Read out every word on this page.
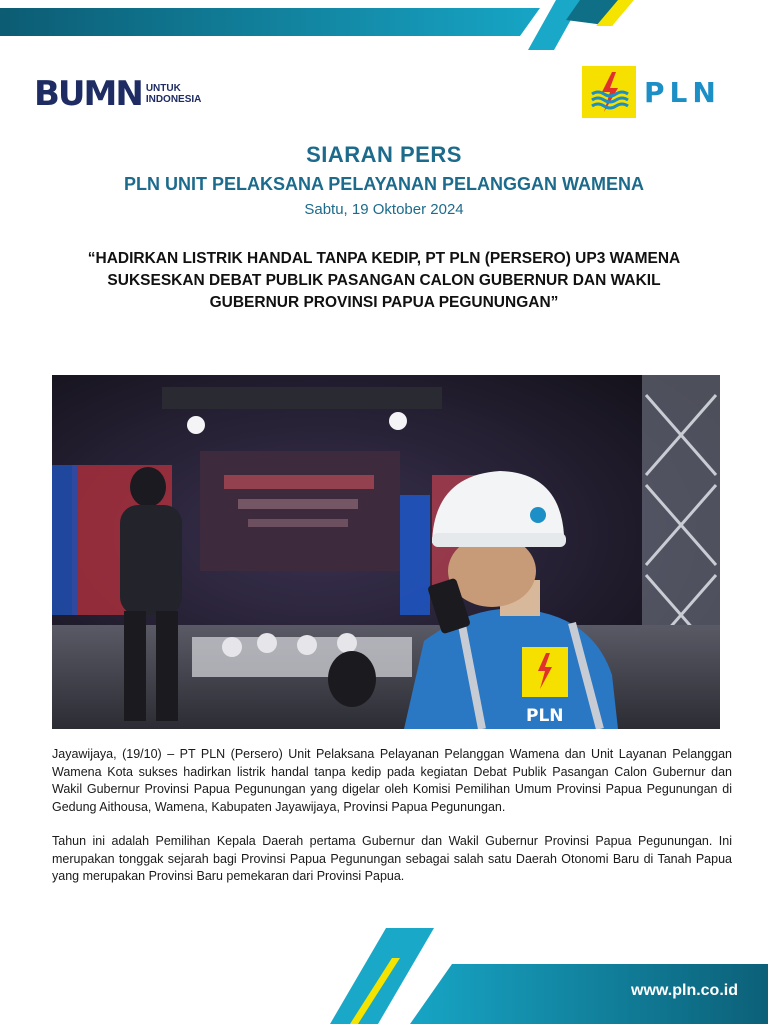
BUMN UNTUK
INDONESIA	PLN
SIARAN PERS
PLN UNIT PELAKSANA PELAYANAN PELANGGAN WAMENA
Sabtu, 19 Oktober 2024
“HADIRKAN LISTRIK HANDAL TANPA KEDIP, PT PLN (PERSERO) UP3 WAMENA
SUKSESKAN DEBAT PUBLIK PASANGAN CALON GUBERNUR DAN WAKIL
GUBERNUR PROVINSI PAPUA PEGUNUNGAN”
PLN

Jayawijaya, (19/10) – PT PLN (Persero) Unit Pelaksana Pelayanan Pelanggan Wamena dan Unit Layanan Pelanggan Wamena Kota sukses hadirkan listrik handal tanpa kedip pada kegiatan Debat Publik Pasangan Calon Gubernur dan Wakil Gubernur Provinsi Papua Pegunungan yang digelar oleh Komisi Pemilihan Umum Provinsi Papua Pegunungan di Gedung Aithousa, Wamena, Kabupaten Jayawijaya, Provinsi Papua Pegunungan.

Tahun ini adalah Pemilihan Kepala Daerah pertama Gubernur dan Wakil Gubernur Provinsi Papua Pegunungan. Ini merupakan tonggak sejarah bagi Provinsi Papua Pegunungan sebagai salah satu Daerah Otonomi Baru di Tanah Papua yang merupakan Provinsi Baru pemekaran dari Provinsi Papua.

www.pln.co.id
